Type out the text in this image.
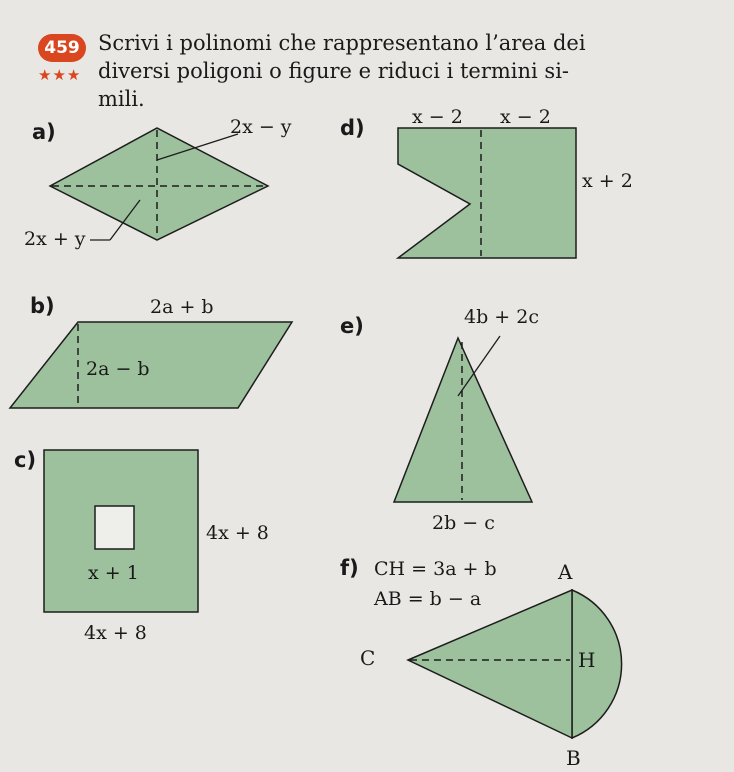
459
★★★
Scrivi i polinomi che rappresentano l’area dei
diversi poligoni o figure e riduci i termini si-
mili.
a)	2x − y
2x + y
d) x − 2 x − 2
x + 2
b)	2a + b
2a − b
c)
4x + 8
x + 1
4x + 8
e)	4b + 2c
2b − c
f) CH = 3a + b
AB = b − a
A
C	H
B
